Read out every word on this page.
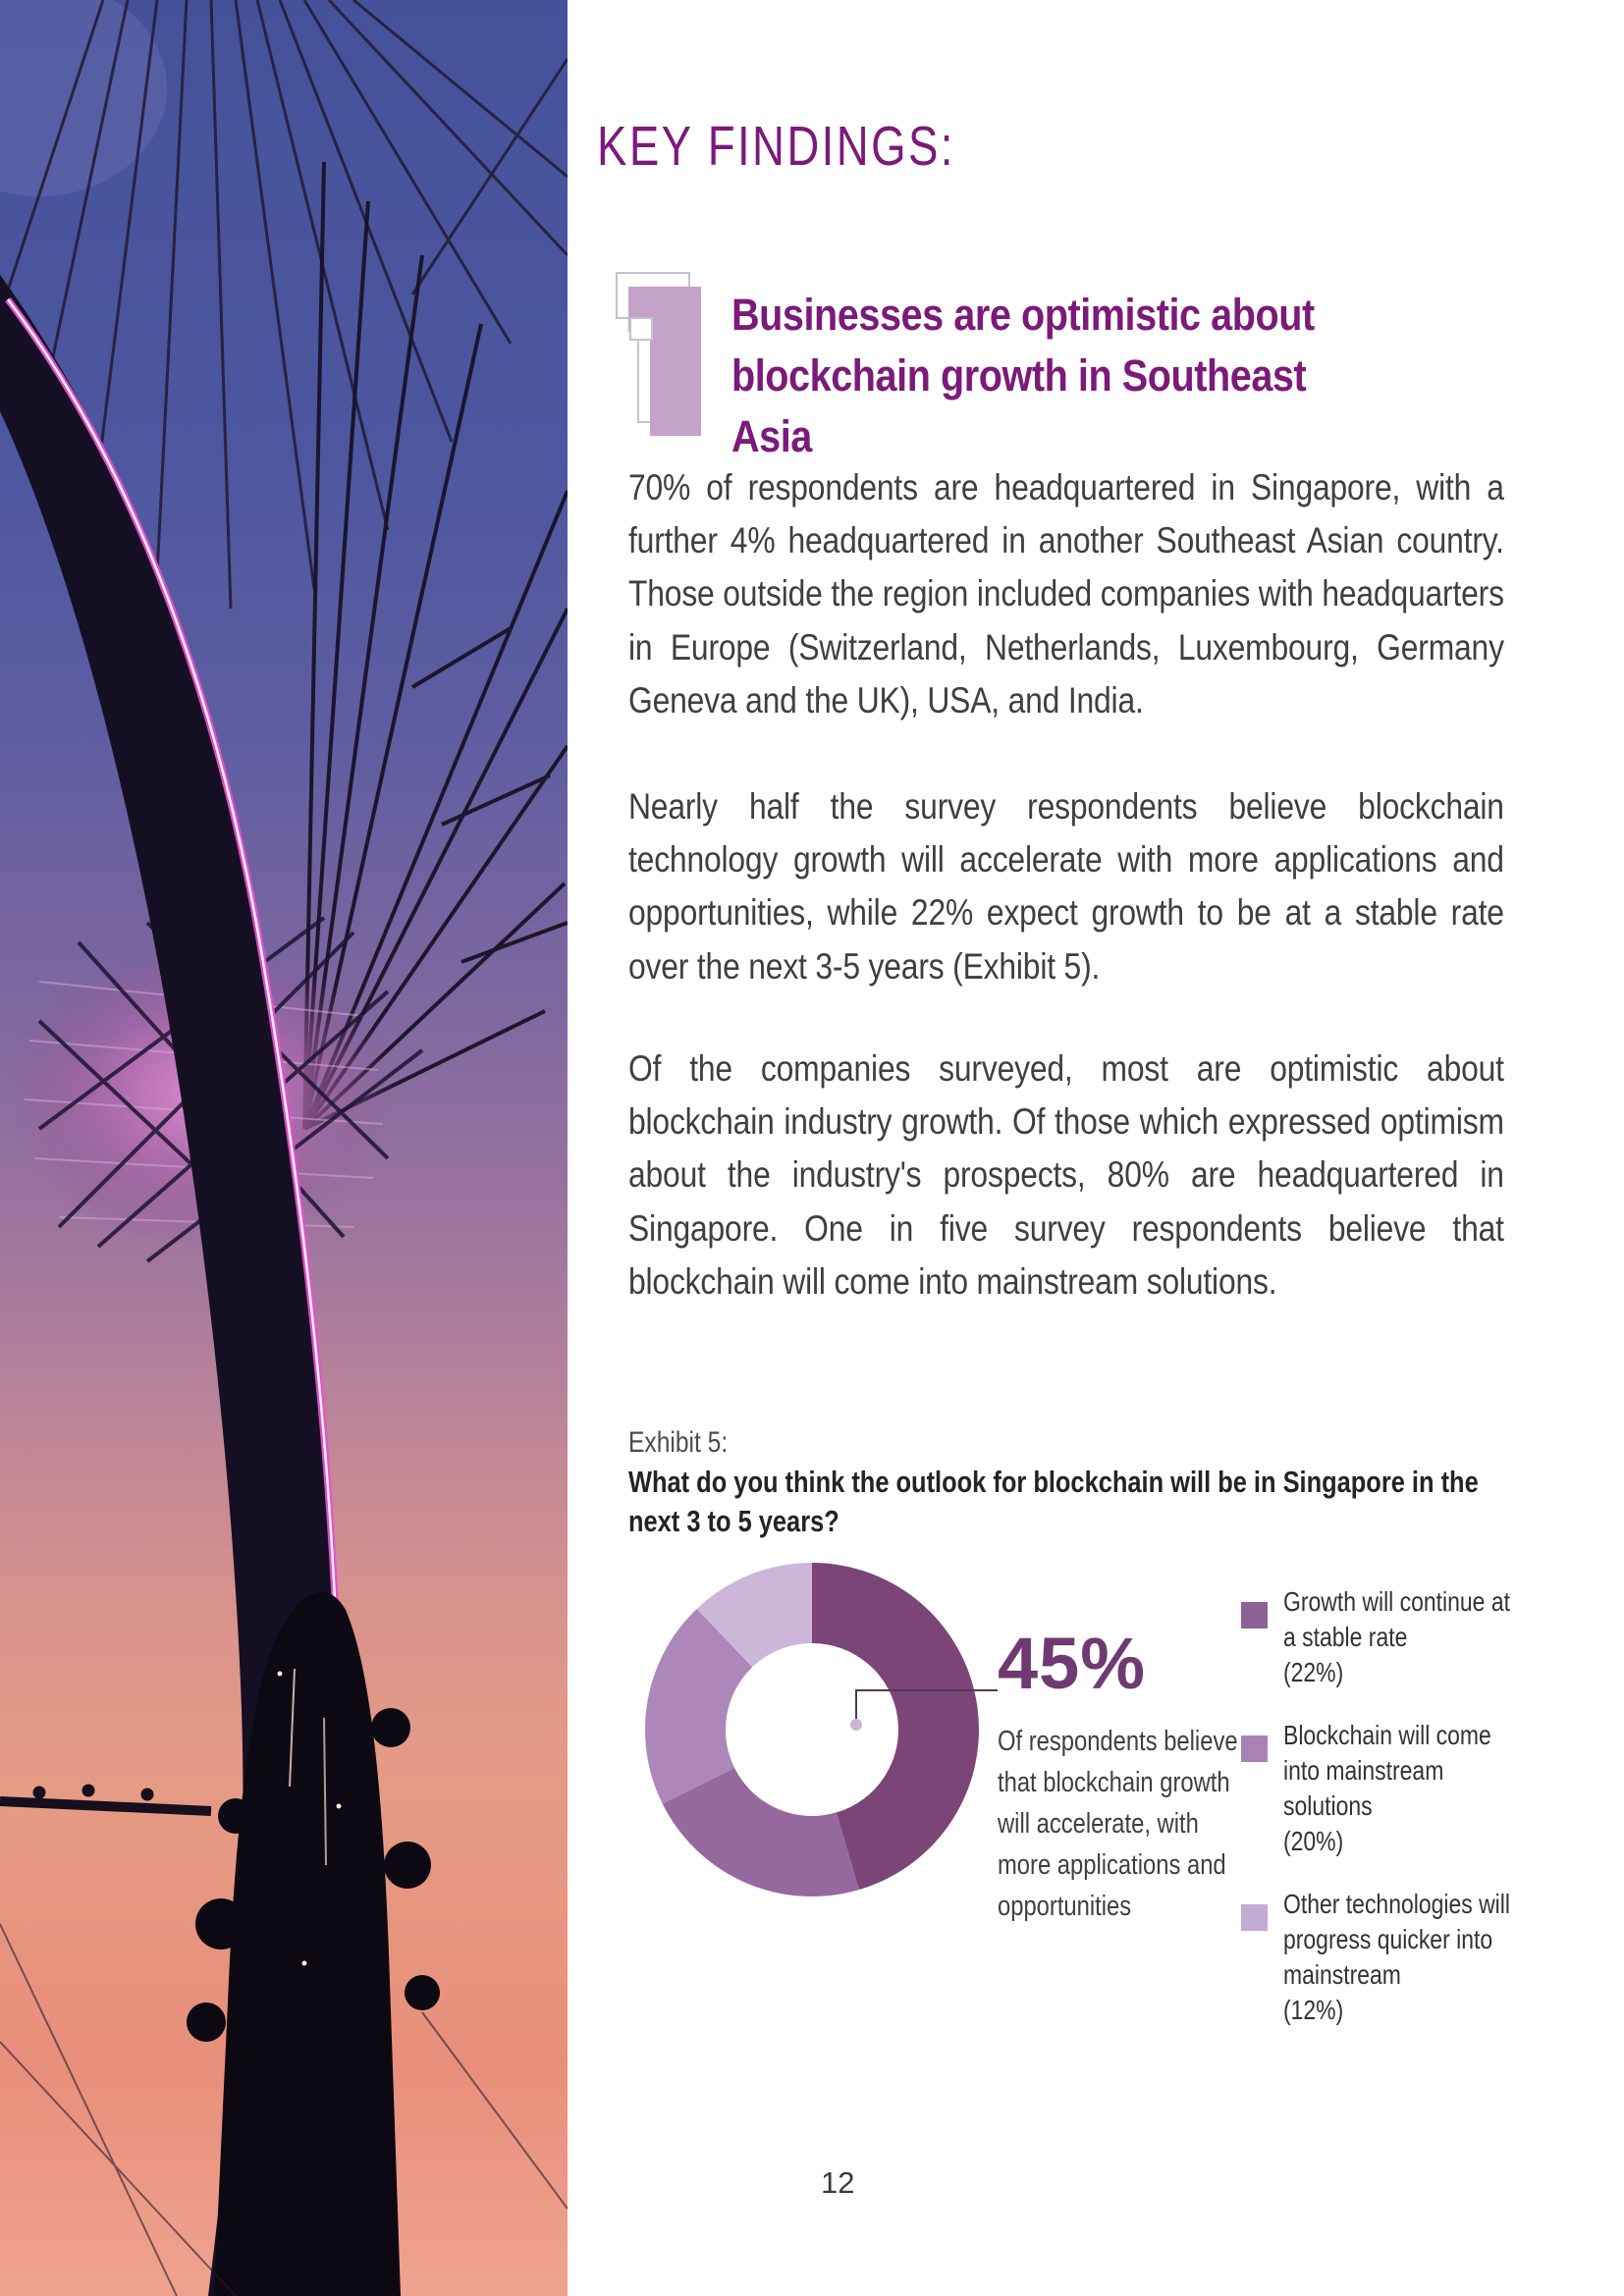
KEY FINDINGS:
Businesses are optimistic about blockchain growth in Southeast Asia

70% of respondents are headquartered in Singapore, with a further 4% headquartered in another Southeast Asian country. Those outside the region included companies with headquarters in Europe (Switzerland, Netherlands, Luxembourg, Germany Geneva and the UK), USA, and India.

Nearly half the survey respondents believe blockchain technology growth will accelerate with more applications and opportunities, while 22% expect growth to be at a stable rate over the next 3-5 years (Exhibit 5).

Of the companies surveyed, most are optimistic about blockchain industry growth. Of those which expressed optimism about the industry's prospects, 80% are headquartered in Singapore. One in five survey respondents believe that blockchain will come into mainstream solutions.

Exhibit 5:
What do you think the outlook for blockchain will be in Singapore in the next 3 to 5 years?
45%
Of respondents believe that blockchain growth will accelerate, with more applications and opportunities
Growth will continue at a stable rate
(22%)
Blockchain will come into mainstream solutions
(20%)
Other technologies will progress quicker into mainstream
(12%)
12
